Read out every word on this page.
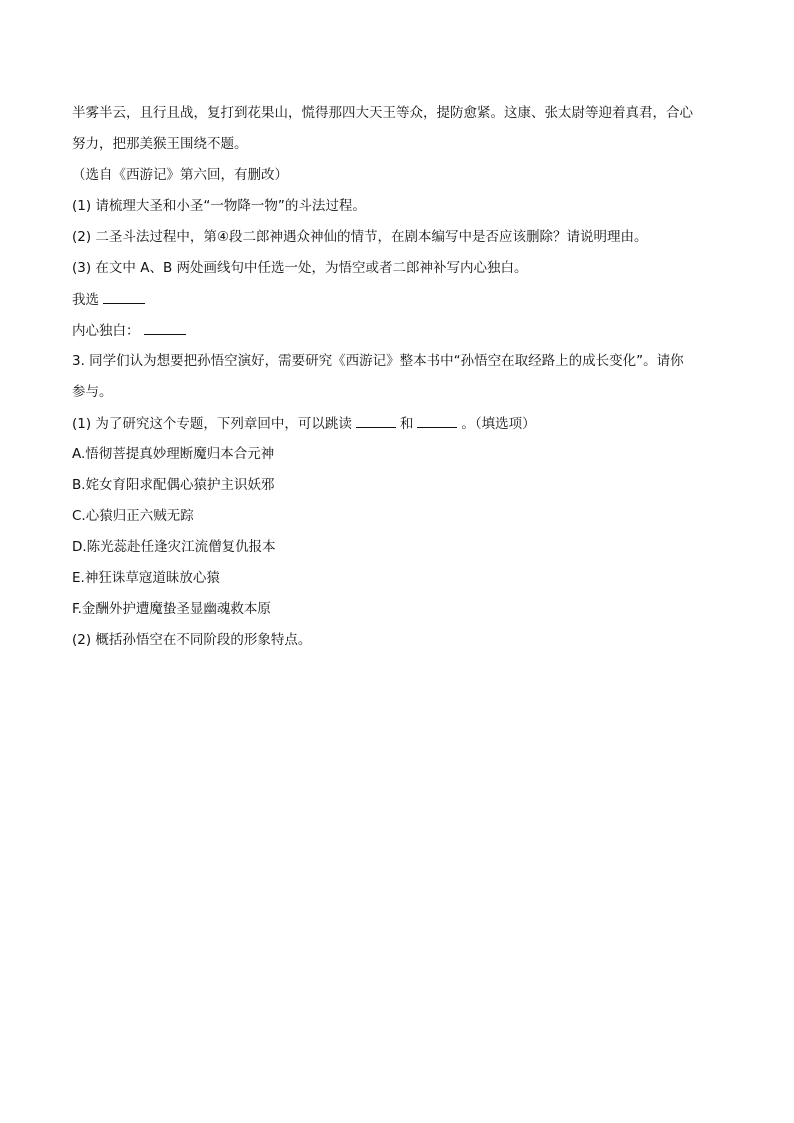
半雾半云，且行且战，复打到花果山，慌得那四大天王等众，提防愈紧。这康、张太尉等迎着真君，合心
努力，把那美猴王围绕不题。
（选自《西游记》第六回，有删改）
(1) 请梳理大圣和小圣“一物降一物”的斗法过程。
(2) 二圣斗法过程中，第④段二郎神遇众神仙的情节，在剧本编写中是否应该删除？请说明理由。
(3) 在文中 A、B 两处画线句中任选一处，为悟空或者二郎神补写内心独白。
我选
内心独白：
3. 同学们认为想要把孙悟空演好，需要研究《西游记》整本书中“孙悟空在取经路上的成长变化”。请你
参与。
(1) 为了研究这个专题，下列章回中，可以跳读	和	。（填选项）
A.悟彻菩提真妙理断魔归本合元神
B.姹女育阳求配偶心猿护主识妖邪
C.心猿归正六贼无踪
D.陈光蕊赴任逢灾江流僧复仇报本
E.神狂诛草寇道昧放心猿
F.金酬外护遭魔蛰圣显幽魂救本原
(2) 概括孙悟空在不同阶段的形象特点。
